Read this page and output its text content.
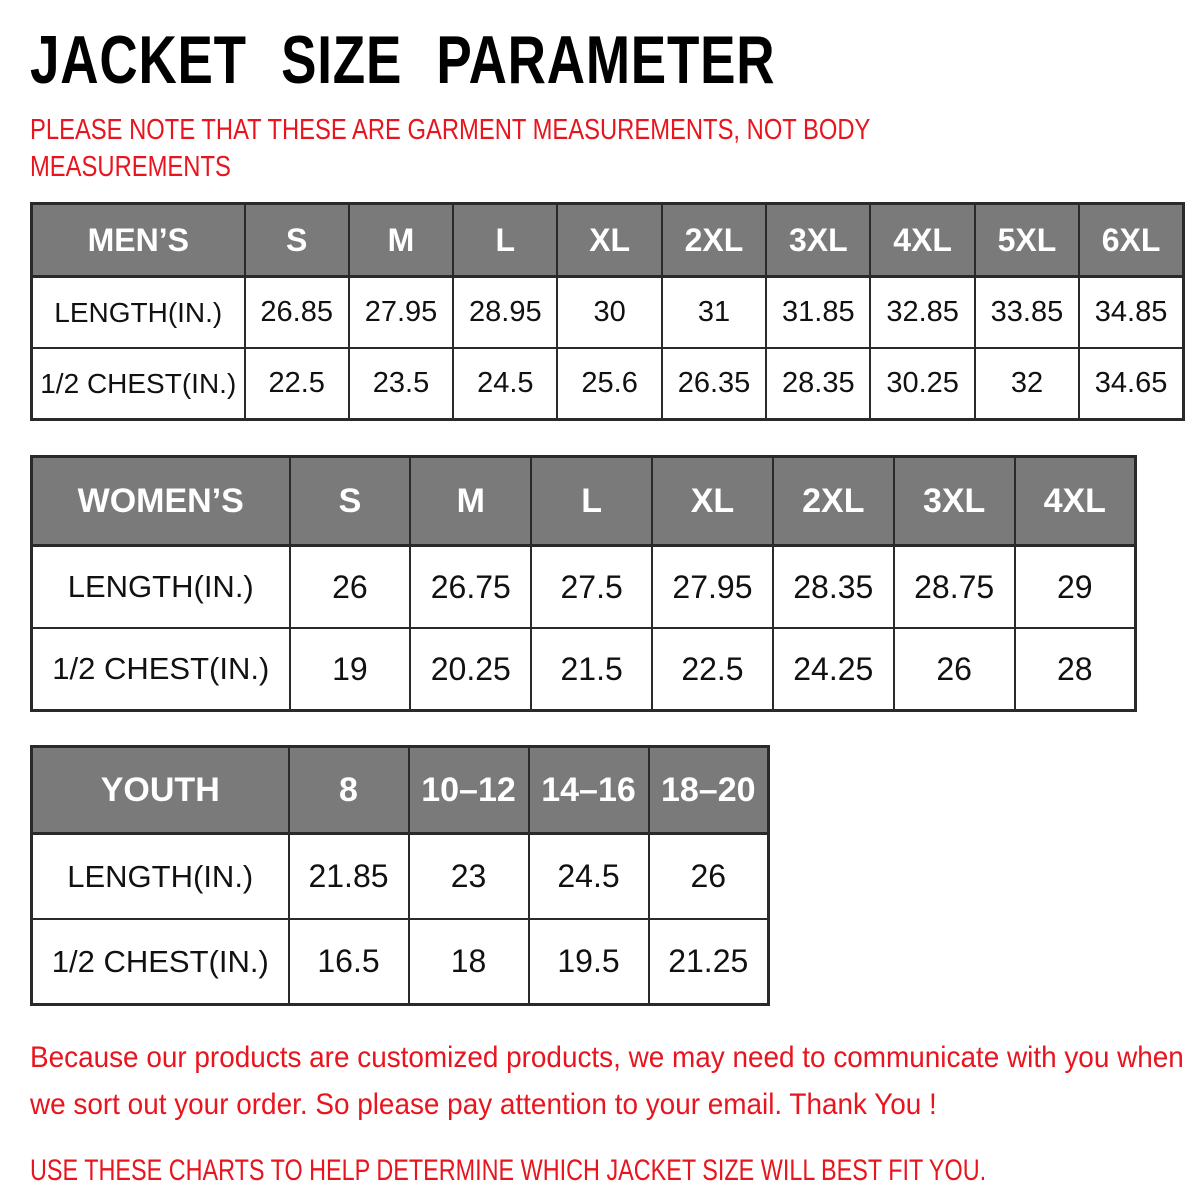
JACKET SIZE PARAMETER
PLEASE NOTE THAT THESE ARE GARMENT MEASUREMENTS, NOT BODY MEASUREMENTS
MEN’S	S	M	L	XL	2XL	3XL	4XL	5XL	6XL
LENGTH(IN.)	26.85	27.95	28.95	30	31	31.85	32.85	33.85	34.85
1/2 CHEST(IN.)	22.5	23.5	24.5	25.6	26.35	28.35	30.25	32	34.65
WOMEN’S	S	M	L	XL	2XL	3XL	4XL
LENGTH(IN.)	26	26.75	27.5	27.95	28.35	28.75	29
1/2 CHEST(IN.)	19	20.25	21.5	22.5	24.25	26	28
YOUTH	8	10–12	14–16	18–20
LENGTH(IN.)	21.85	23	24.5	26
1/2 CHEST(IN.)	16.5	18	19.5	21.25
Because our products are customized products, we may need to communicate with you when we sort out your order. So please pay attention to your email. Thank You !
USE THESE CHARTS TO HELP DETERMINE WHICH JACKET SIZE WILL BEST FIT YOU.
